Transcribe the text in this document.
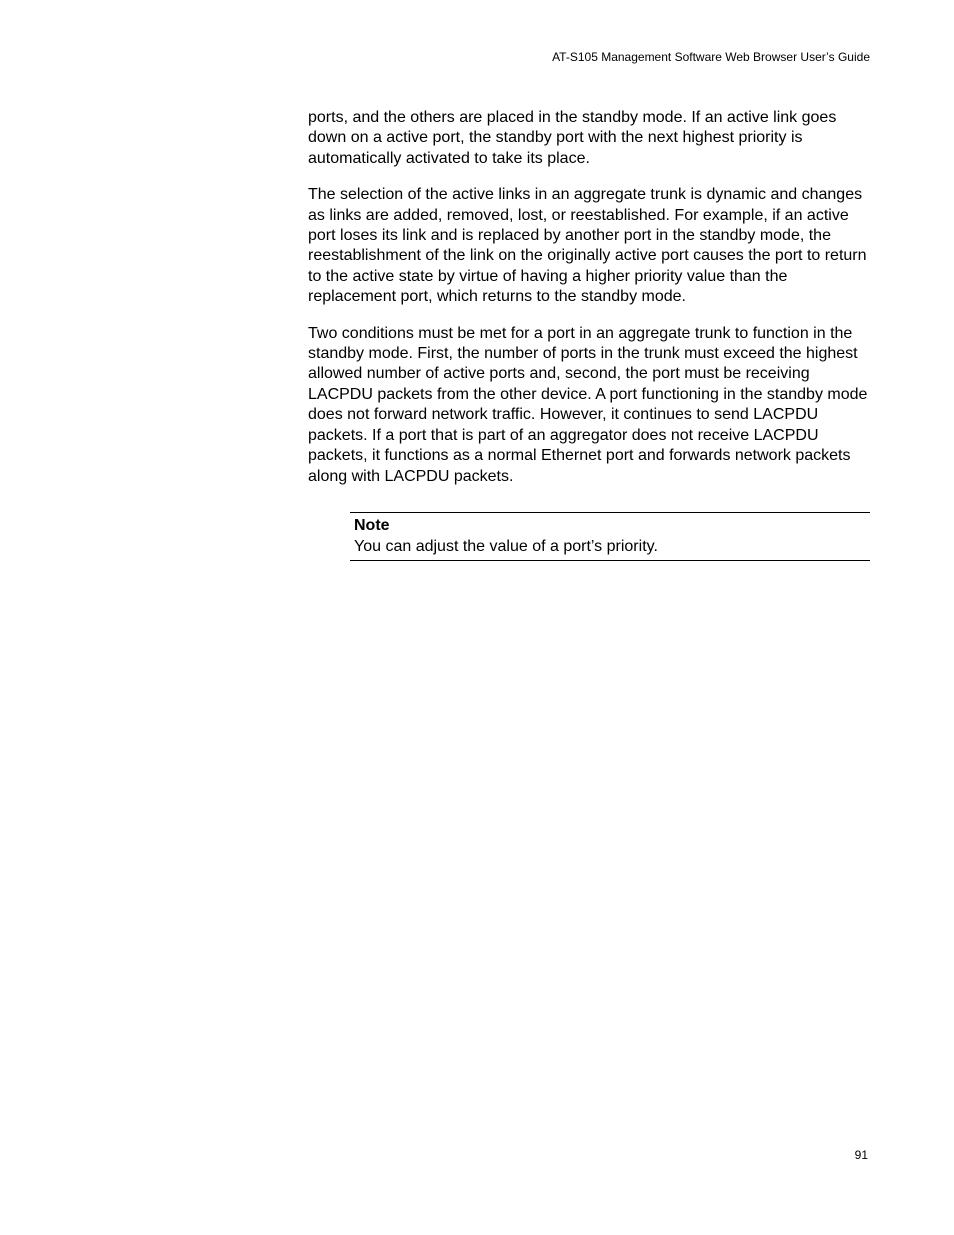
AT-S105 Management Software Web Browser User’s Guide

ports, and the others are placed in the standby mode. If an active link goes down on a active port, the standby port with the next highest priority is automatically activated to take its place.

The selection of the active links in an aggregate trunk is dynamic and changes as links are added, removed, lost, or reestablished. For example, if an active port loses its link and is replaced by another port in the standby mode, the reestablishment of the link on the originally active port causes the port to return to the active state by virtue of having a higher priority value than the replacement port, which returns to the standby mode.

Two conditions must be met for a port in an aggregate trunk to function in the standby mode. First, the number of ports in the trunk must exceed the highest allowed number of active ports and, second, the port must be receiving LACPDU packets from the other device. A port functioning in the standby mode does not forward network traffic. However, it continues to send LACPDU packets. If a port that is part of an aggregator does not receive LACPDU packets, it functions as a normal Ethernet port and forwards network packets along with LACPDU packets.

Note
You can adjust the value of a port’s priority.
91
